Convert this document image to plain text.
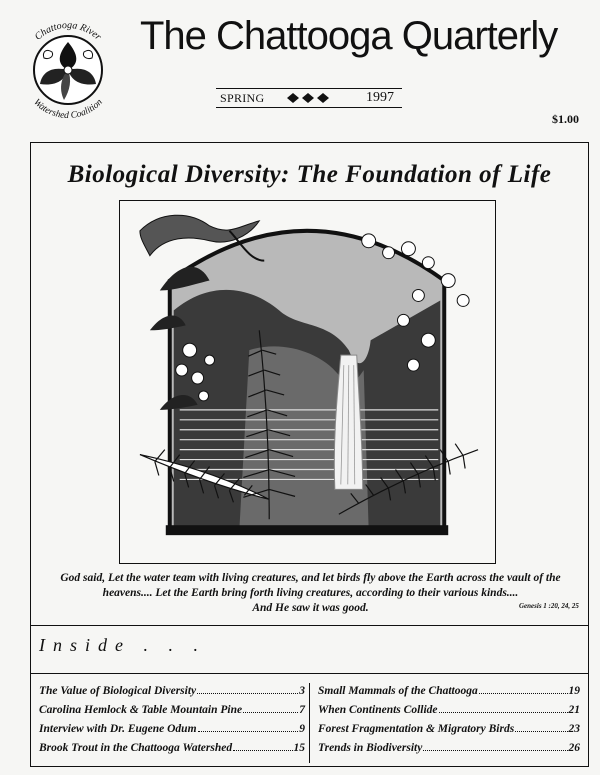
Chattooga River
Watershed Coalition
The Chattooga Quarterly
SPRING	1997
$1.00
Biological Diversity: The Foundation of Life
God said, Let the water team with living creatures, and let birds fly above the Earth across the vault of the
heavens.... Let the Earth bring forth living creatures, according to their various kinds....
And He saw it was good.	Genesis 1 :20, 24, 25
Inside . . .
The Value of Biological Diversity	3
Carolina Hemlock & Table Mountain Pine	7
Interview with Dr. Eugene Odum	9
Brook Trout in the Chattooga Watershed	15
Small Mammals of the Chattooga	19
When Continents Collide	21
Forest Fragmentation & Migratory Birds	23
Trends in Biodiversity	26
